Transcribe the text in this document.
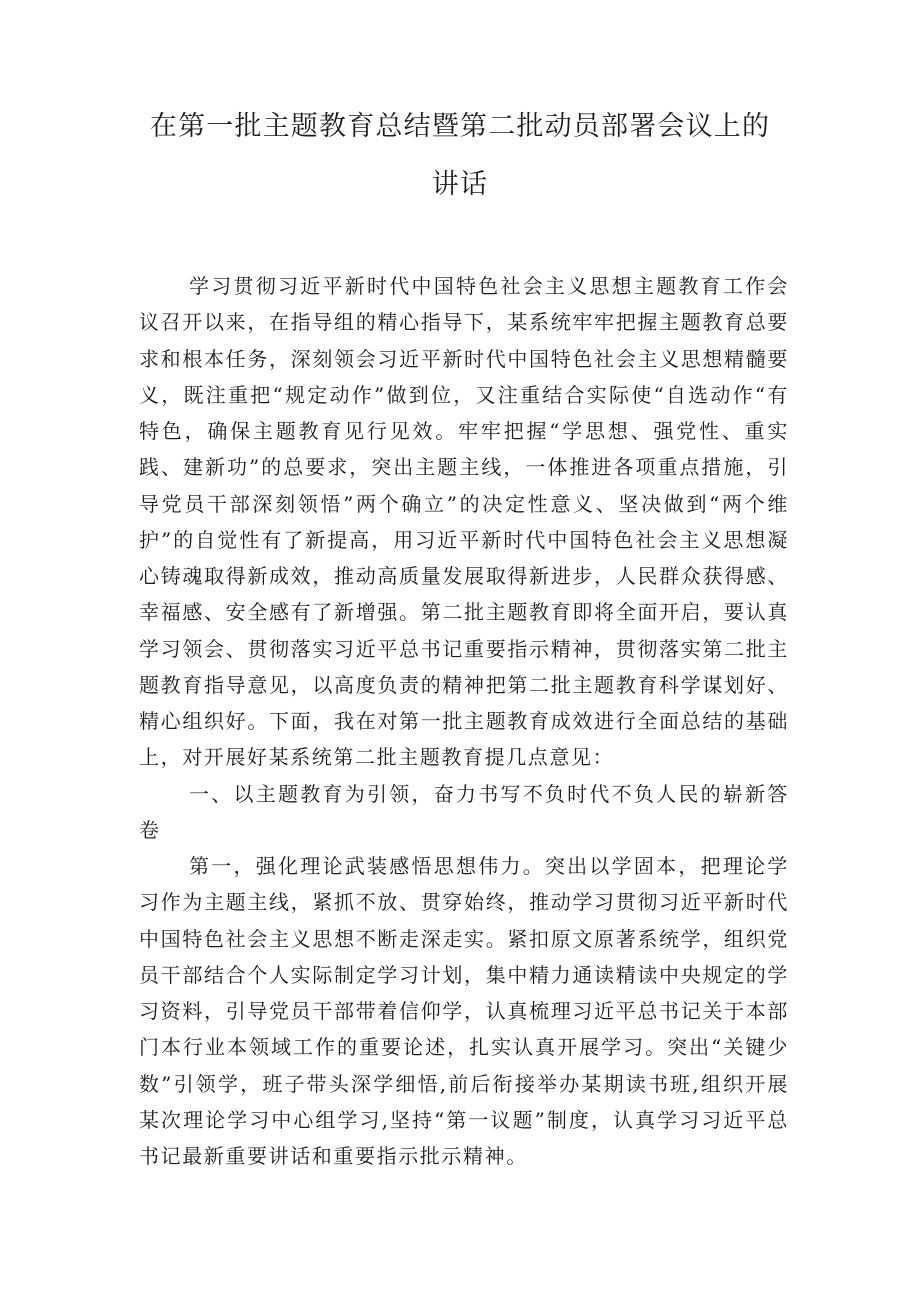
在第一批主题教育总结暨第二批动员部署会议上的
讲话

学习贯彻习近平新时代中国特色社会主义思想主题教育工作会议召开以来，在指导组的精心指导下，某系统牢牢把握主题教育总要求和根本任务，深刻领会习近平新时代中国特色社会主义思想精髓要义，既注重把“规定动作”做到位，又注重结合实际使“自选动作“有特色，确保主题教育见行见效。牢牢把握“学思想、强党性、重实践、建新功”的总要求，突出主题主线，一体推进各项重点措施，引导党员干部深刻领悟”两个确立”的决定性意义、坚决做到“两个维护”的自觉性有了新提高，用习近平新时代中国特色社会主义思想凝心铸魂取得新成效，推动高质量发展取得新进步，人民群众获得感、幸福感、安全感有了新增强。第二批主题教育即将全面开启，要认真学习领会、贯彻落实习近平总书记重要指示精神，贯彻落实第二批主题教育指导意见，以高度负责的精神把第二批主题教育科学谋划好、精心组织好。下面，我在对第一批主题教育成效进行全面总结的基础上，对开展好某系统第二批主题教育提几点意见：

一、以主题教育为引领，奋力书写不负时代不负人民的崭新答卷

第一，强化理论武装感悟思想伟力。突出以学固本，把理论学习作为主题主线，紧抓不放、贯穿始终，推动学习贯彻习近平新时代中国特色社会主义思想不断走深走实。紧扣原文原著系统学，组织党员干部结合个人实际制定学习计划，集中精力通读精读中央规定的学习资料，引导党员干部带着信仰学，认真梳理习近平总书记关于本部门本行业本领域工作的重要论述，扎实认真开展学习。突出“关键少数”引领学，班子带头深学细悟,前后衔接举办某期读书班,组织开展某次理论学习中心组学习,坚持“第一议题”制度，认真学习习近平总书记最新重要讲话和重要指示批示精神。
